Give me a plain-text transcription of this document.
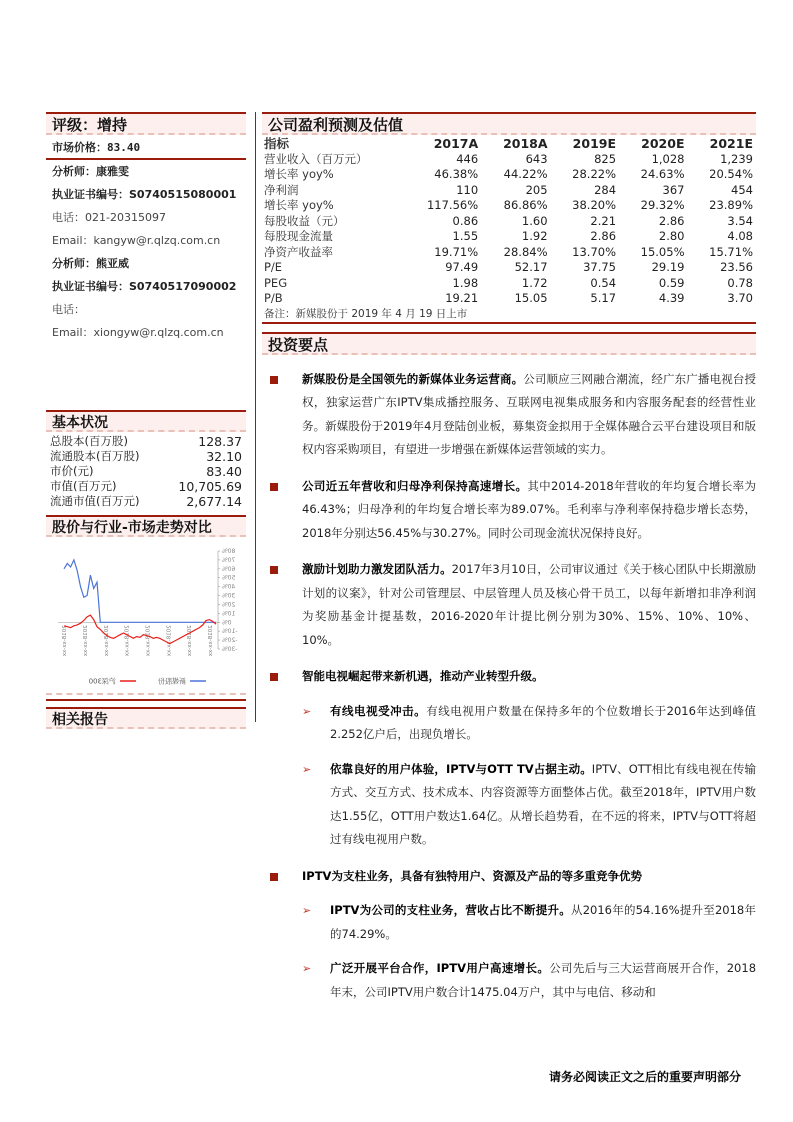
评级：增持
市场价格：83.40
分析师：康雅雯
执业证书编号：S0740515080001
电话：021-20315097
Email：kangyw@r.qlzq.com.cn
分析师：熊亚威
执业证书编号：S0740517090002
电话：
Email：xiongyw@r.qlzq.com.cn
基本状况
总股本(百万股)	128.37
流通股本(百万股)	32.10
市价(元)	83.40
市值(百万元)	10,705.69
流通市值(百万元)	2,677.14
股价与行业-市场走势对比
80%
70%
60%
50%
40%
30%
20%
10%
0%
-10%
-20%
-30%
2018-xx-xx
2018-xx-xx
2018-xx-xx
2018-xx-xx
2018-xx-xx
2018-xx-xx
2018-xx-xx
2018-xx-xx
新媒股份
沪深300
相关报告
公司盈利预测及估值
指标	2017A	2018A	2019E	2020E	2021E
营业收入（百万元）	446	643	825	1,028	1,239
增长率 yoy%	46.38%	44.22%	28.22%	24.63%	20.54%
净利润	110	205	284	367	454
增长率 yoy%	117.56%	86.86%	38.20%	29.32%	23.89%
每股收益（元）	0.86	1.60	2.21	2.86	3.54
每股现金流量	1.55	1.92	2.86	2.80	4.08
净资产收益率	19.71%	28.84%	13.70%	15.05%	15.71%
P/E	97.49	52.17	37.75	29.19	23.56
PEG	1.98	1.72	0.54	0.59	0.78
P/B	19.21	15.05	5.17	4.39	3.70
备注：新媒股份于 2019 年 4 月 19 日上市
投资要点
新媒股份是全国领先的新媒体业务运营商。公司顺应三网融合潮流，经广东广播电视台授权，独家运营广东IPTV集成播控服务、互联网电视集成服务和内容服务配套的经营性业务。新媒股份于2019年4月登陆创业板，募集资金拟用于全媒体融合云平台建设项目和版权内容采购项目，有望进一步增强在新媒体运营领域的实力。
公司近五年营收和归母净利保持高速增长。其中2014-2018年营收的年均复合增长率为46.43%；归母净利的年均复合增长率为89.07%。毛利率与净利率保持稳步增长态势，2018年分别达56.45%与30.27%。同时公司现金流状况保持良好。
激励计划助力激发团队活力。2017年3月10日，公司审议通过《关于核心团队中长期激励计划的议案》，针对公司管理层、中层管理人员及核心骨干员工，以每年新增扣非净利润为奖励基金计提基数，2016-2020年计提比例分别为30%、15%、10%、10%、10%。
智能电视崛起带来新机遇，推动产业转型升级。
➢ 有线电视受冲击。有线电视用户数量在保持多年的个位数增长于2016年达到峰值2.252亿户后，出现负增长。
➢ 依靠良好的用户体验，IPTV与OTT TV占据主动。IPTV、OTT相比有线电视在传输方式、交互方式、技术成本、内容资源等方面整体占优。截至2018年，IPTV用户数达1.55亿，OTT用户数达1.64亿。从增长趋势看，在不远的将来，IPTV与OTT将超过有线电视用户数。
IPTV为支柱业务，具备有独特用户、资源及产品的等多重竞争优势
➢ IPTV为公司的支柱业务，营收占比不断提升。从2016年的54.16%提升至2018年的74.29%。
➢ 广泛开展平台合作，IPTV用户高速增长。公司先后与三大运营商展开合作，2018年末，公司IPTV用户数合计1475.04万户，其中与电信、移动和
请务必阅读正文之后的重要声明部分
